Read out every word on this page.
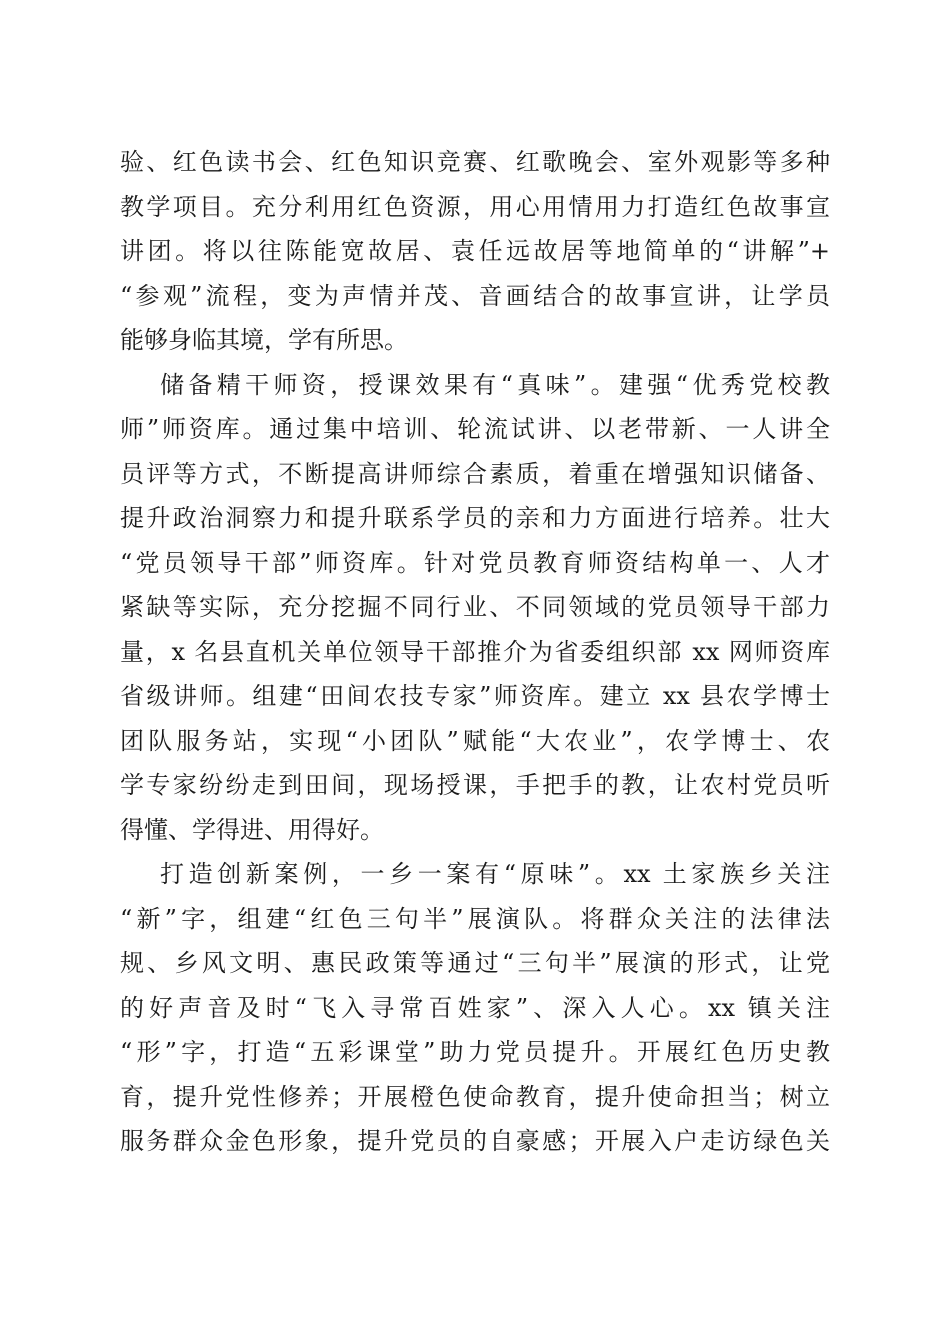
验、红色读书会、红色知识竞赛、红歌晚会、室外观影等多种
教学项目。充分利用红色资源，用心用情用力打造红色故事宣
讲团。将以往陈能宽故居、袁任远故居等地简单的“讲解”+
“参观”流程，变为声情并茂、音画结合的故事宣讲，让学员
能够身临其境，学有所思。
储备精干师资，授课效果有“真味”。建强“优秀党校教
师”师资库。通过集中培训、轮流试讲、以老带新、一人讲全
员评等方式，不断提高讲师综合素质，着重在增强知识储备、
提升政治洞察力和提升联系学员的亲和力方面进行培养。壮大
“党员领导干部”师资库。针对党员教育师资结构单一、人才
紧缺等实际，充分挖掘不同行业、不同领域的党员领导干部力
量，x 名县直机关单位领导干部推介为省委组织部 xx 网师资库
省级讲师。组建“田间农技专家”师资库。建立 xx 县农学博士
团队服务站，实现“小团队”赋能“大农业”，农学博士、农
学专家纷纷走到田间，现场授课，手把手的教，让农村党员听
得懂、学得进、用得好。
打造创新案例，一乡一案有“原味”。xx 土家族乡关注
“新”字，组建“红色三句半”展演队。将群众关注的法律法
规、乡风文明、惠民政策等通过“三句半”展演的形式，让党
的好声音及时“飞入寻常百姓家”、深入人心。xx 镇关注
“形”字，打造“五彩课堂”助力党员提升。开展红色历史教
育，提升党性修养；开展橙色使命教育，提升使命担当；树立
服务群众金色形象，提升党员的自豪感；开展入户走访绿色关
